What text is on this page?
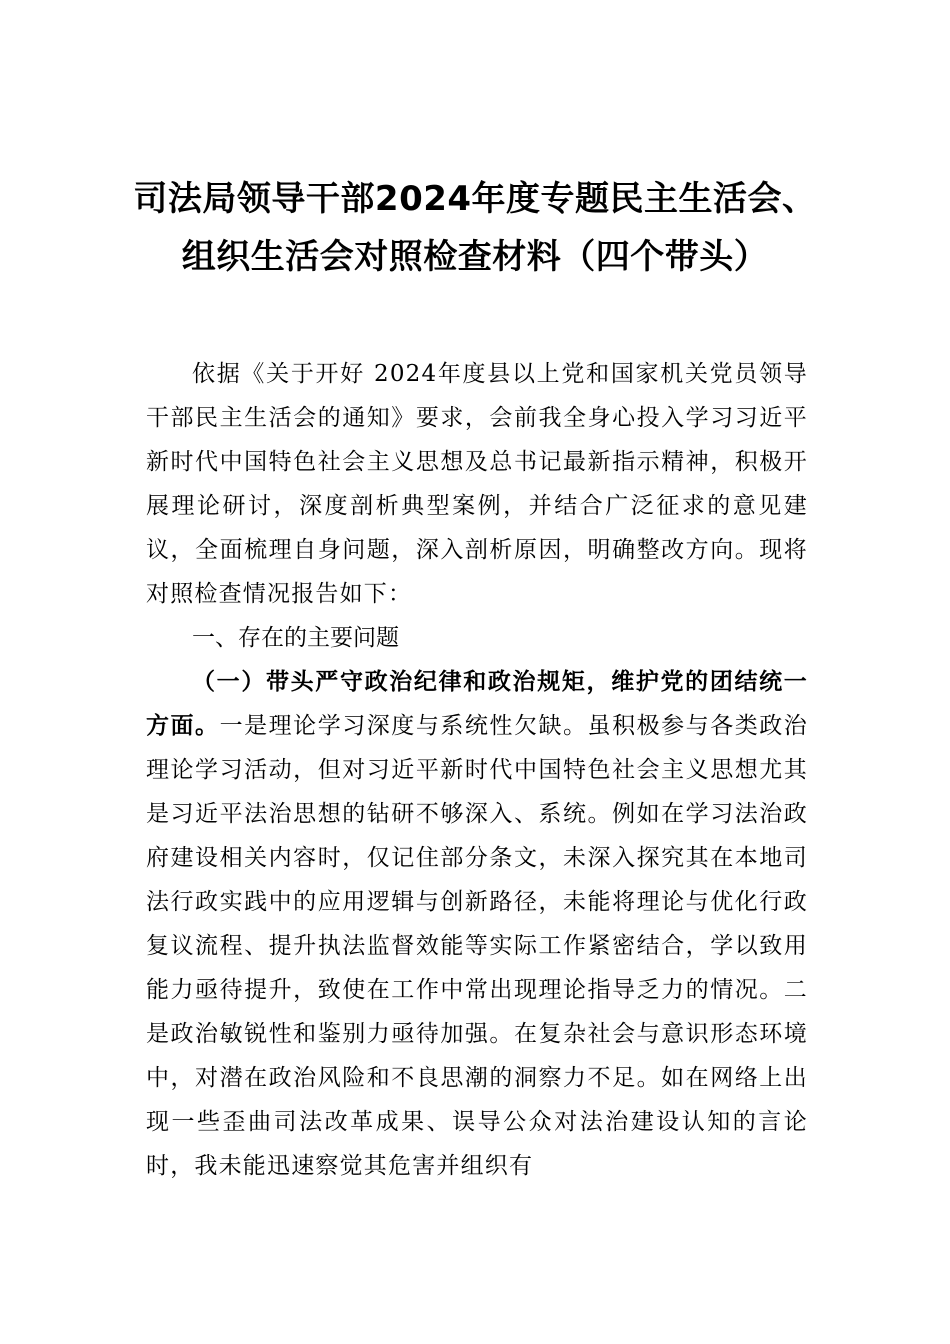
司法局领导干部2024年度专题民主生活会、
组织生活会对照检查材料（四个带头）

依据《关于开好 2024年度县以上党和国家机关党员领导干部民主生活会的通知》要求，会前我全身心投入学习习近平新时代中国特色社会主义思想及总书记最新指示精神，积极开展理论研讨，深度剖析典型案例，并结合广泛征求的意见建议，全面梳理自身问题，深入剖析原因，明确整改方向。现将对照检查情况报告如下：

一、存在的主要问题

（一）带头严守政治纪律和政治规矩，维护党的团结统一方面。一是理论学习深度与系统性欠缺。虽积极参与各类政治理论学习活动，但对习近平新时代中国特色社会主义思想尤其是习近平法治思想的钻研不够深入、系统。例如在学习法治政府建设相关内容时，仅记住部分条文，未深入探究其在本地司法行政实践中的应用逻辑与创新路径，未能将理论与优化行政复议流程、提升执法监督效能等实际工作紧密结合，学以致用能力亟待提升，致使在工作中常出现理论指导乏力的情况。二是政治敏锐性和鉴别力亟待加强。在复杂社会与意识形态环境中，对潜在政治风险和不良思潮的洞察力不足。如在网络上出现一些歪曲司法改革成果、误导公众对法治建设认知的言论时，我未能迅速察觉其危害并组织有
